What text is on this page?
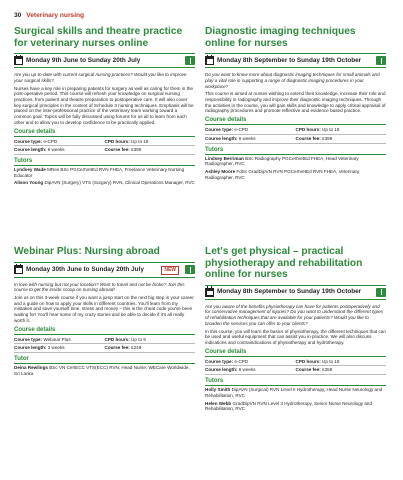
30 Veterinary nursing
Surgical skills and theatre practice for veterinary nurses online
Monday 9th June to Sunday 20th July

Are you up-to-date with current surgical nursing practices? Would you like to improve your surgical skills?

Nurses have a key role in preparing patients for surgery as well as caring for them in the post-operative period. This course will refresh your knowledge on surgical nursing practices, from patient and theatre preparation to postoperative care. It will also cover key surgical principles in the context of Schedule 3 nursing techniques. Emphasis will be placed on the inter-professional practice of the veterinary team working toward a common goal. Topics will be fully discussed using forums for us all to learn from each other and to allow you to develop confidence to be practically applied.

Course details
Course type: e-CPD	CPD hours: Up to 18
Course length: 6 weeks	Course fee: £399
Tutors
Lyndsey Wade MRes BSc PGCertVetEd RVN FHEA, Freelance Veterinary Nursing Educator
Alison Young DipAVN (Surgery) VTS (Surgery) RVN, Clinical Operations Manager, RVC
Diagnostic imaging techniques online for nurses
Monday 8th September to Sunday 19th October

Do you want to know more about diagnostic imaging techniques for small animals and play a vital role in supporting a range of diagnostic imaging procedures in your workplace?

This course is aimed at nurses wishing to extend their knowledge, increase their role and responsibility in radiography and improve their diagnostic imaging techniques. Through the activities in the course, you will gain skills and knowledge to apply critical appraisal of radiography procedures and promote reflective and evidence based practice.

Course details
Course type: e-CPD	CPD hours: Up to 18
Course length: 6 weeks	Course fee: £399
Tutors
Lindsey Berriman BSc Radiography PGCertVetEd FHEA, Head Veterinary Radiographer, RVC
Ashley Moore FdSc GradDipVN RVN PGCertVetEd RVN FHEA, Veterinary Radiographer, RVC
Webinar Plus: Nursing abroad
Monday 30th June to Sunday 20th July	NEW

In love with nursing but not your location? Want to travel and not be broke? Join this course to get the inside scoop on nursing abroad!

Join us on this 3-week course if you want a jump start on the next big step in your career and a guide on how to apply your skills in different countries. You'll learn from my mistakes and save yourself time, stress and money – this is the cheat code you've been waiting for! You'll hear some of my crazy stories and be able to decide if it's all really worth it.

Course details
Course type: Webinar Plus	CPD hours: Up to 9
Course length: 3 weeks	Course fee: £249
Tutor
Deina Rewlings BSc VN CertECC VTS(ECC) RVN, Head Nurse, WECare Worldwide, Sri Lanka
Let's get physical – practical physiotherapy and rehabilitation online for nurses
Monday 8th September to Sunday 19th October

Are you aware of the benefits physiotherapy can have for patients postoperatively and for conservative management of injuries? Do you want to understand the different types of rehabilitation techniques that are available for your patients? Would you like to broaden the services you can offer to your clients?

In this course, you will learn the basics of physiotherapy, the different techniques that can be used and useful equipment that can assist you in practice. We will also discuss indications and contraindications of physiotherapy and hydrotherapy.

Course details
Course type: e-CPD	CPD hours: Up to 18
Course length: 6 weeks	Course fee: £359
Tutors
Holly Smith DipAVN (Surgical) RVN Level II Hydrotherapy, Head Nurse Neurology and Rehabilitation, RVC
Helen Webb GradDipVN RVN Level 3 Hydrotherapy, Senior Nurse Neurology and Rehabilitation, RVC
